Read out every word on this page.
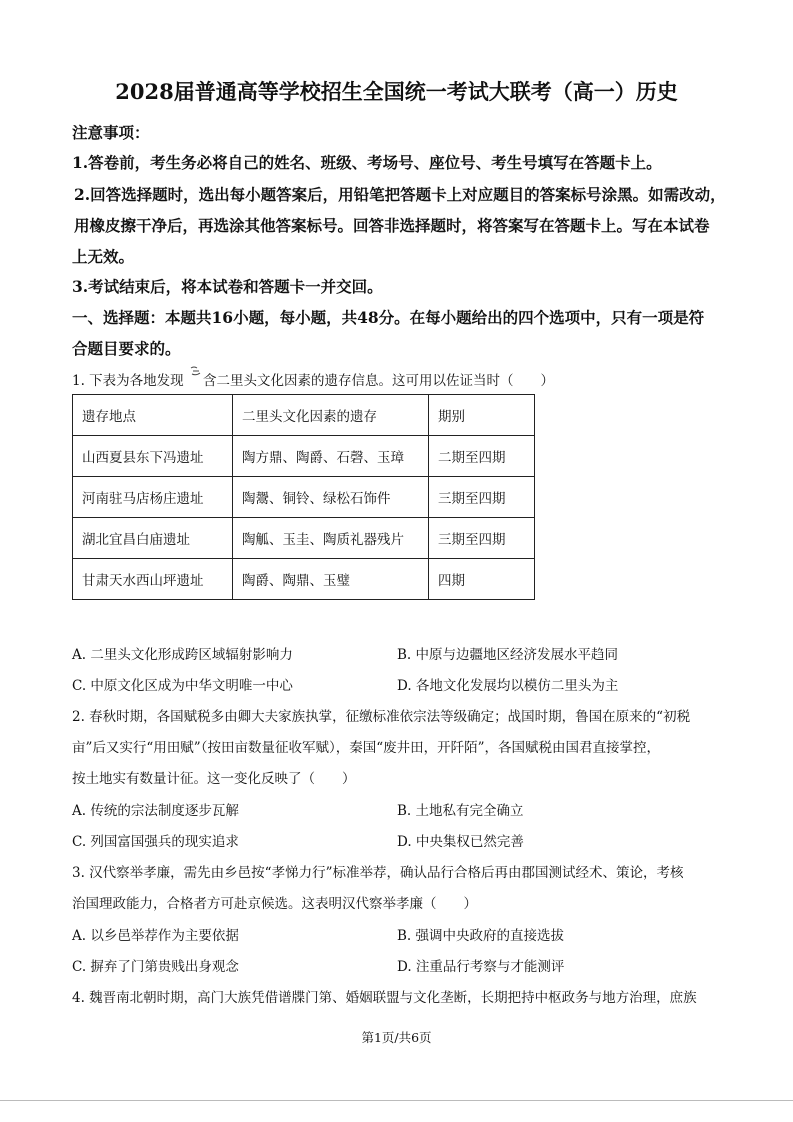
2028届普通高等学校招生全国统一考试大联考（高一）历史
注意事项：
1.答卷前，考生务必将自己的姓名、班级、考场号、座位号、考生号填写在答题卡上。
2.回答选择题时，选出每小题答案后，用铅笔把答题卡上对应题目的答案标号涂黑。如需改动，
用橡皮擦干净后，再选涂其他答案标号。回答非选择题时，将答案写在答题卡上。写在本试卷
上无效。
3.考试结束后，将本试卷和答题卡一并交回。
一、选择题：本题共16小题，每小题，共48分。在每小题给出的四个选项中，只有一项是符
合题目要求的。
1. 下表为各地发现 含二里头文化因素的遗存信息。这可用以佐证当时（　　）
遗存地点	二里头文化因素的遗存	期别
山西夏县东下冯遗址	陶方鼎、陶爵、石磬、玉璋	二期至四期
河南驻马店杨庄遗址	陶鬶、铜铃、绿松石饰件	三期至四期
湖北宜昌白庙遗址	陶觚、玉圭、陶质礼器残片	三期至四期
甘肃天水西山坪遗址	陶爵、陶鼎、玉璧	四期
A. 二里头文化形成跨区域辐射影响力	B. 中原与边疆地区经济发展水平趋同
C. 中原文化区成为中华文明唯一中心	D. 各地文化发展均以模仿二里头为主
2. 春秋时期，各国赋税多由卿大夫家族执掌，征缴标准依宗法等级确定；战国时期，鲁国在原来的“初税
亩”后又实行“用田赋”（按田亩数量征收军赋），秦国“废井田，开阡陌”，各国赋税由国君直接掌控，
按土地实有数量计征。这一变化反映了（　　）
A. 传统的宗法制度逐步瓦解	B. 土地私有完全确立
C. 列国富国强兵的现实追求	D. 中央集权已然完善
3. 汉代察举孝廉，需先由乡邑按“孝悌力行”标准举荐，确认品行合格后再由郡国测试经术、策论，考核
治国理政能力，合格者方可赴京候选。这表明汉代察举孝廉（　　）
A. 以乡邑举荐作为主要依据	B. 强调中央政府的直接选拔
C. 摒弃了门第贵贱出身观念	D. 注重品行考察与才能测评
4. 魏晋南北朝时期，高门大族凭借谱牒门第、婚姻联盟与文化垄断，长期把持中枢政务与地方治理，庶族
第1页/共6页
